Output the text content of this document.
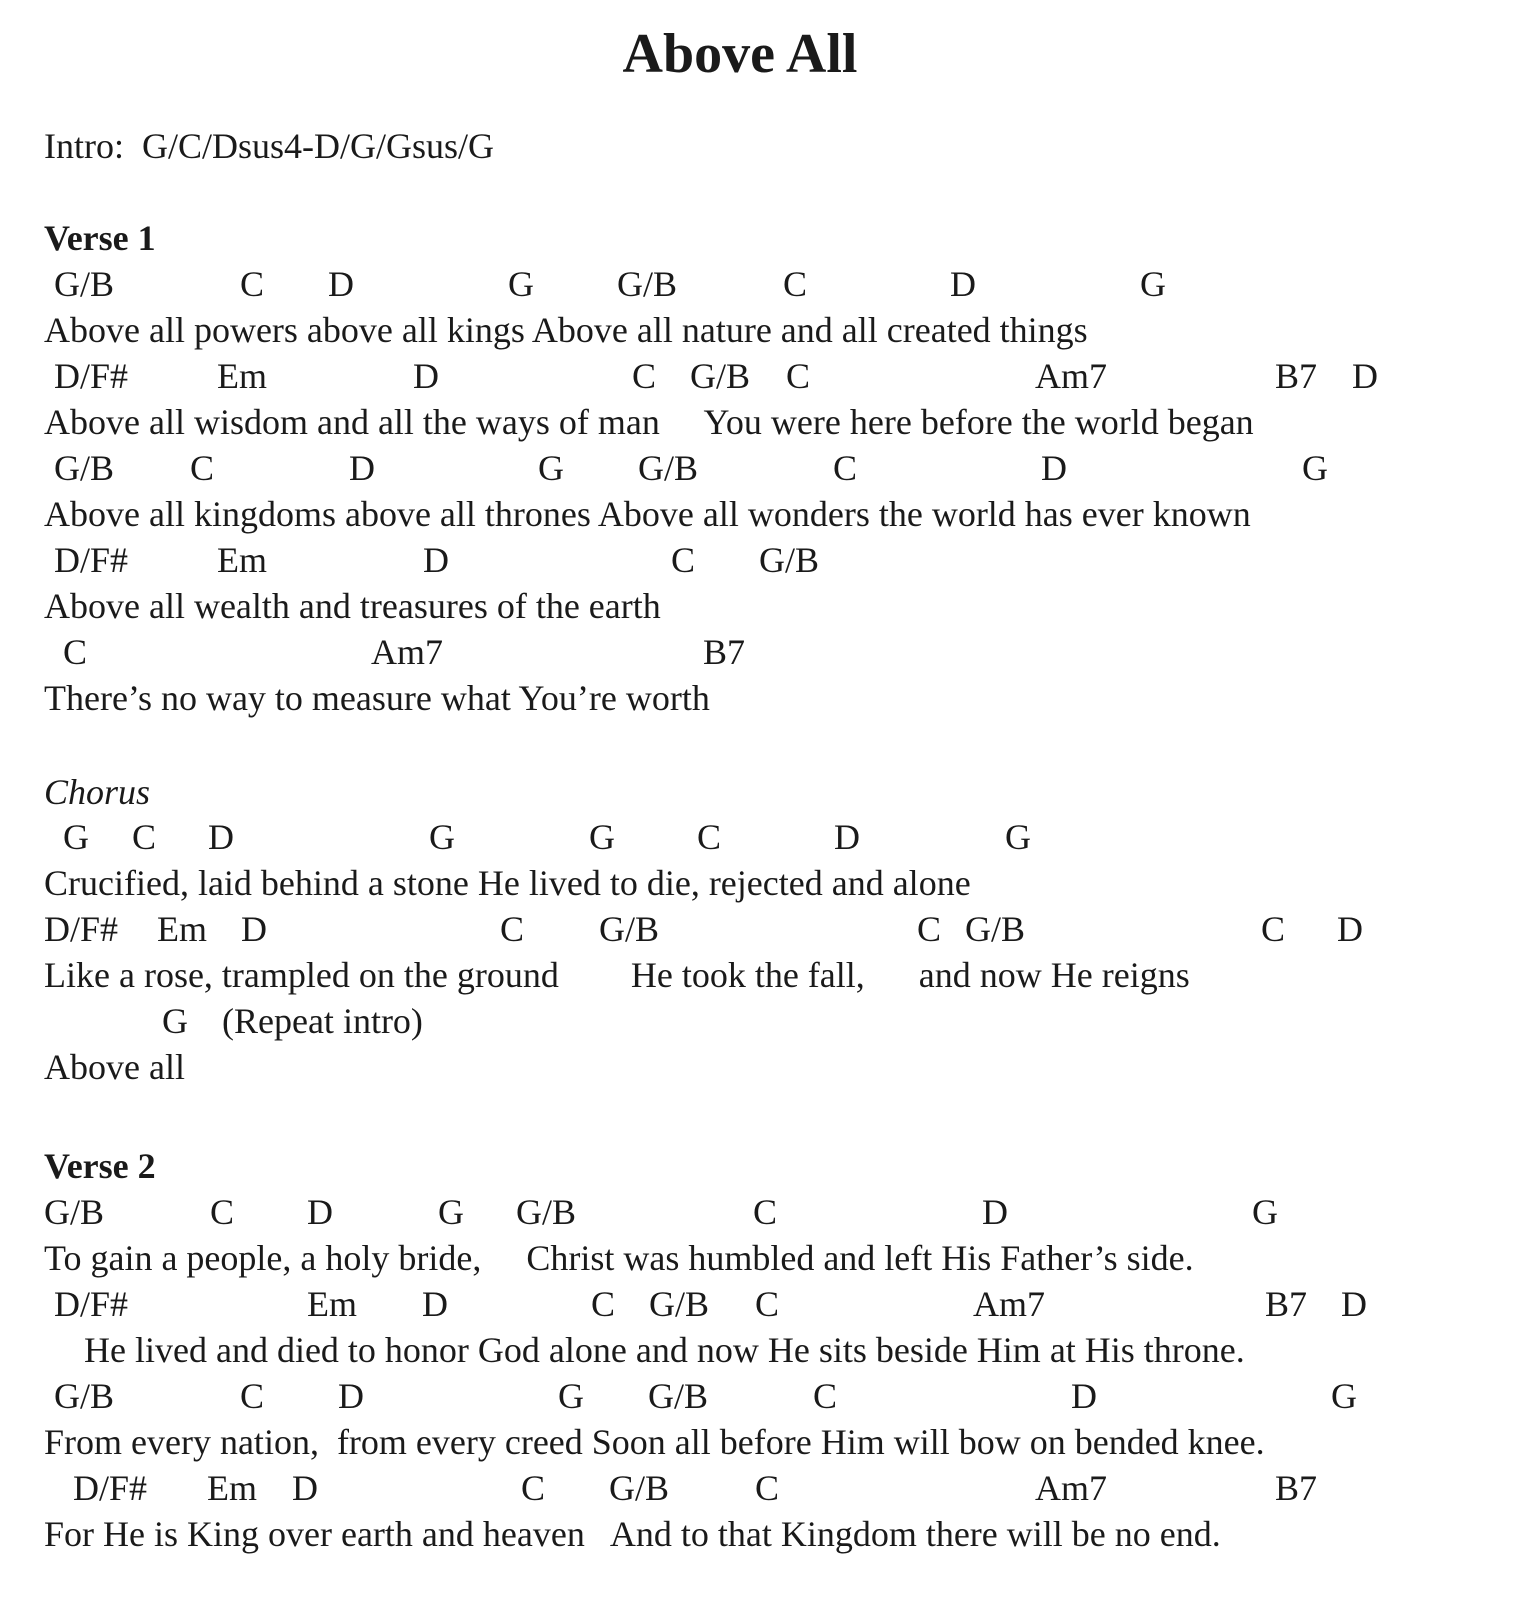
Above All

Intro:  G/C/Dsus4-D/G/Gsus/G

Verse 1

G/B	C D	G G/B	C	D	G

Above all powers above all kings Above all nature and all created things

D/F# Em	D	C G/B C	Am7	B7 D

Above all wisdom and all the ways of man     You were here before the world began

G/B C	D	G G/B	C	D	G

Above all kingdoms above all thrones Above all wonders the world has ever known

D/F# Em	D	C G/B

Above all wealth and treasures of the earth

C	Am7	B7

There’s no way to measure what You’re worth

Chorus

G C D	G	G C	D	G

Crucified, laid behind a stone He lived to die, rejected and alone

D/F# Em D	C G/B	C G/B	C D

Like a rose, trampled on the ground        He took the fall,      and now He reigns

G (Repeat intro)

Above all

Verse 2

G/B	C D	G G/B	C	D	G

To gain a people, a holy bride,     Christ was humbled and left His Father’s side.

D/F#	Em D	C G/B C	Am7	B7 D

He lived and died to honor God alone and now He sits beside Him at His throne.

G/B	C D	G G/B	C	D	G

From every nation,  from every creed Soon all before Him will bow on bended knee.

D/F# Em D	C G/B C	Am7	B7

For He is King over earth and heaven   And to that Kingdom there will be no end.
